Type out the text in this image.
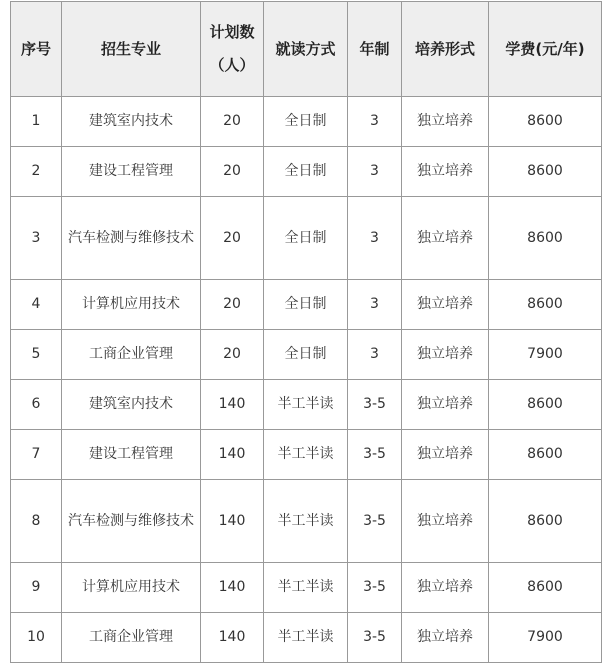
序号	招生专业	计划数（人）	就读方式	年制	培养形式	学费(元/年)
1	建筑室内技术	20	全日制	3	独立培养	8600
2	建设工程管理	20	全日制	3	独立培养	8600
3	汽车检测与维修技术	20	全日制	3	独立培养	8600
4	计算机应用技术	20	全日制	3	独立培养	8600
5	工商企业管理	20	全日制	3	独立培养	7900
6	建筑室内技术	140	半工半读	3-5	独立培养	8600
7	建设工程管理	140	半工半读	3-5	独立培养	8600
8	汽车检测与维修技术	140	半工半读	3-5	独立培养	8600
9	计算机应用技术	140	半工半读	3-5	独立培养	8600
10	工商企业管理	140	半工半读	3-5	独立培养	7900
